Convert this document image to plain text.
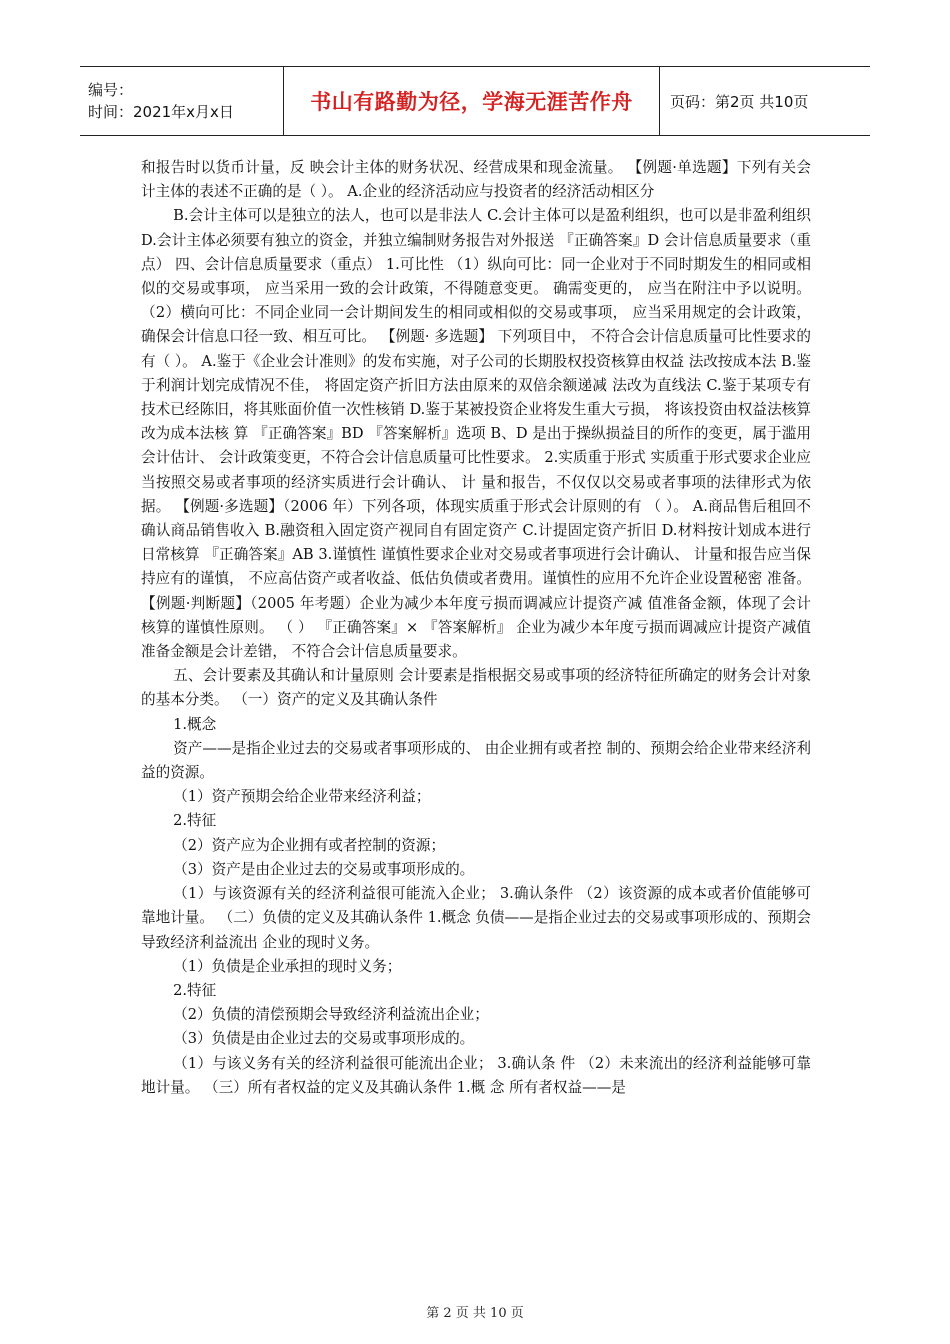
编号：
时间：2021年x月x日	书山有路勤为径，学海无涯苦作舟 页码：第2页 共10页

和报告时以货币计量，反 映会计主体的财务状况、经营成果和现金流量。 【例题·单选题】下列有关会计主体的表述不正确的是（ ）。 A.企业的经济活动应与投资者的经济活动相区分

B.会计主体可以是独立的法人，也可以是非法人 C.会计主体可以是盈利组织，也可以是非盈利组织 D.会计主体必须要有独立的资金，并独立编制财务报告对外报送 『正确答案』D 会计信息质量要求（重点） 四、会计信息质量要求（重点） 1.可比性 （1）纵向可比：同一企业对于不同时期发生的相同或相似的交易或事项， 应当采用一致的会计政策，不得随意变更。 确需变更的， 应当在附注中予以说明。 （2）横向可比：不同企业同一会计期间发生的相同或相似的交易或事项， 应当采用规定的会计政策，确保会计信息口径一致、相互可比。 【例题· 多选题】 下列项目中， 不符合会计信息质量可比性要求的有（ ）。 A.鉴于《企业会计准则》的发布实施，对子公司的长期股权投资核算由权益 法改按成本法 B.鉴于利润计划完成情况不佳， 将固定资产折旧方法由原来的双倍余额递减 法改为直线法 C.鉴于某项专有技术已经陈旧，将其账面价值一次性核销 D.鉴于某被投资企业将发生重大亏损， 将该投资由权益法核算改为成本法核 算 『正确答案』BD 『答案解析』选项 B、D 是出于操纵损益目的所作的变更，属于滥用会计估计、 会计政策变更，不符合会计信息质量可比性要求。 2.实质重于形式 实质重于形式要求企业应当按照交易或者事项的经济实质进行会计确认、 计 量和报告，不仅仅以交易或者事项的法律形式为依据。 【例题·多选题】（2006 年）下列各项，体现实质重于形式会计原则的有 （ ）。 A.商品售后租回不确认商品销售收入 B.融资租入固定资产视同自有固定资产 C.计提固定资产折旧 D.材料按计划成本进行日常核算 『正确答案』AB 3.谨慎性 谨慎性要求企业对交易或者事项进行会计确认、 计量和报告应当保持应有的谨慎， 不应高估资产或者收益、低估负债或者费用。谨慎性的应用不允许企业设置秘密 准备。 【例题·判断题】（2005 年考题）企业为减少本年度亏损而调减应计提资产减 值准备金额，体现了会计核算的谨慎性原则。 （ ） 『正确答案』× 『答案解析』 企业为减少本年度亏损而调减应计提资产减值准备金额是会计差错， 不符合会计信息质量要求。

五、会计要素及其确认和计量原则 会计要素是指根据交易或事项的经济特征所确定的财务会计对象的基本分类。 （一）资产的定义及其确认条件

1.概念

资产——是指企业过去的交易或者事项形成的、 由企业拥有或者控 制的、预期会给企业带来经济利益的资源。

（1）资产预期会给企业带来经济利益；

2.特征

（2）资产应为企业拥有或者控制的资源；

（3）资产是由企业过去的交易或事项形成的。

（1）与该资源有关的经济利益很可能流入企业； 3.确认条件 （2）该资源的成本或者价值能够可靠地计量。 （二）负债的定义及其确认条件 1.概念 负债——是指企业过去的交易或事项形成的、预期会导致经济利益流出 企业的现时义务。

（1）负债是企业承担的现时义务；

2.特征

（2）负债的清偿预期会导致经济利益流出企业；

（3）负债是由企业过去的交易或事项形成的。

（1）与该义务有关的经济利益很可能流出企业； 3.确认条 件 （2）未来流出的经济利益能够可靠地计量。 （三）所有者权益的定义及其确认条件 1.概 念 所有者权益——是

第 2 页 共 10 页
